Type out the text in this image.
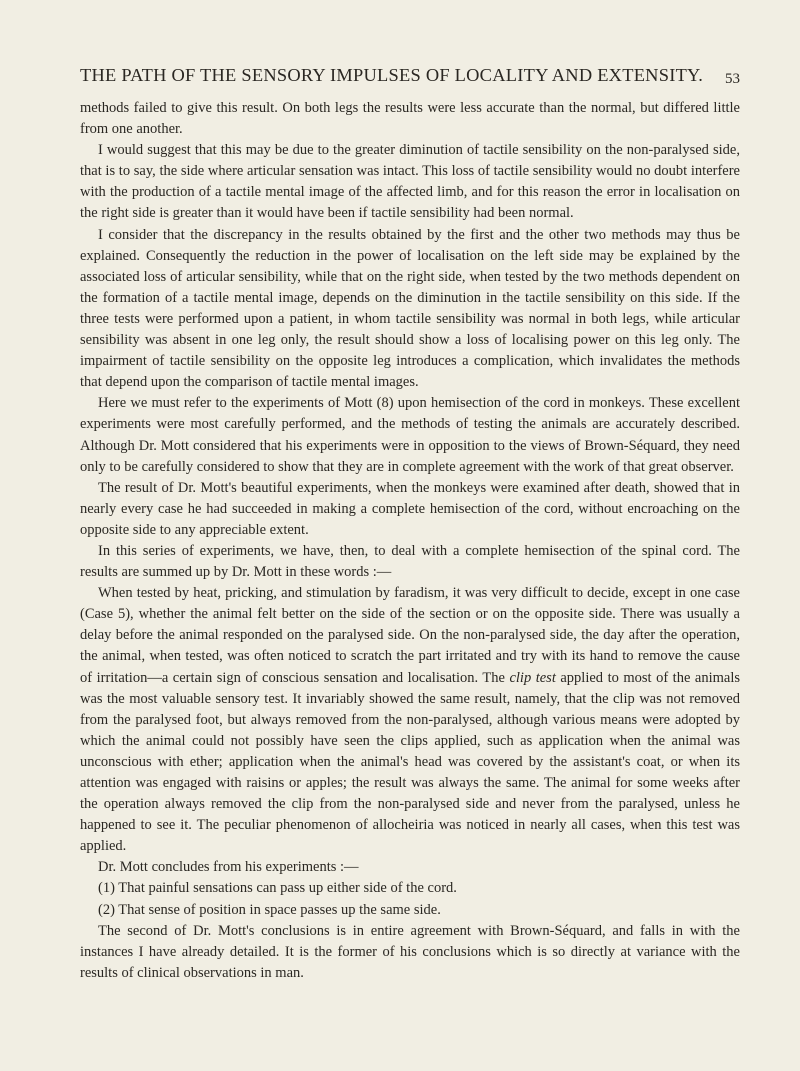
THE PATH OF THE SENSORY IMPULSES OF LOCALITY AND EXTENSITY. 53

methods failed to give this result. On both legs the results were less accurate than the normal, but differed little from one another.

I would suggest that this may be due to the greater diminution of tactile sensibility on the non-paralysed side, that is to say, the side where articular sensation was intact. This loss of tactile sensibility would no doubt interfere with the production of a tactile mental image of the affected limb, and for this reason the error in localisation on the right side is greater than it would have been if tactile sensibility had been normal.

I consider that the discrepancy in the results obtained by the first and the other two methods may thus be explained. Consequently the reduction in the power of localisation on the left side may be explained by the associated loss of articular sensibility, while that on the right side, when tested by the two methods dependent on the formation of a tactile mental image, depends on the diminution in the tactile sensibility on this side. If the three tests were performed upon a patient, in whom tactile sensibility was normal in both legs, while articular sensibility was absent in one leg only, the result should show a loss of localising power on this leg only. The impairment of tactile sensibility on the opposite leg introduces a complication, which invalidates the methods that depend upon the comparison of tactile mental images.

Here we must refer to the experiments of Mott (8) upon hemisection of the cord in monkeys. These excellent experiments were most carefully performed, and the methods of testing the animals are accurately described. Although Dr. Mott considered that his experiments were in opposition to the views of Brown-Séquard, they need only to be carefully considered to show that they are in complete agreement with the work of that great observer.

The result of Dr. Mott's beautiful experiments, when the monkeys were examined after death, showed that in nearly every case he had succeeded in making a complete hemisection of the cord, without encroaching on the opposite side to any appreciable extent.

In this series of experiments, we have, then, to deal with a complete hemisection of the spinal cord. The results are summed up by Dr. Mott in these words :—

When tested by heat, pricking, and stimulation by faradism, it was very difficult to decide, except in one case (Case 5), whether the animal felt better on the side of the section or on the opposite side. There was usually a delay before the animal responded on the paralysed side. On the non-paralysed side, the day after the operation, the animal, when tested, was often noticed to scratch the part irritated and try with its hand to remove the cause of irritation—a certain sign of conscious sensation and localisation. The clip test applied to most of the animals was the most valuable sensory test. It invariably showed the same result, namely, that the clip was not removed from the paralysed foot, but always removed from the non-paralysed, although various means were adopted by which the animal could not possibly have seen the clips applied, such as application when the animal was unconscious with ether; application when the animal's head was covered by the assistant's coat, or when its attention was engaged with raisins or apples; the result was always the same. The animal for some weeks after the operation always removed the clip from the non-paralysed side and never from the paralysed, unless he happened to see it. The peculiar phenomenon of allocheiria was noticed in nearly all cases, when this test was applied.

Dr. Mott concludes from his experiments :—

(1) That painful sensations can pass up either side of the cord.

(2) That sense of position in space passes up the same side.

The second of Dr. Mott's conclusions is in entire agreement with Brown-Séquard, and falls in with the instances I have already detailed. It is the former of his conclusions which is so directly at variance with the results of clinical observations in man.
